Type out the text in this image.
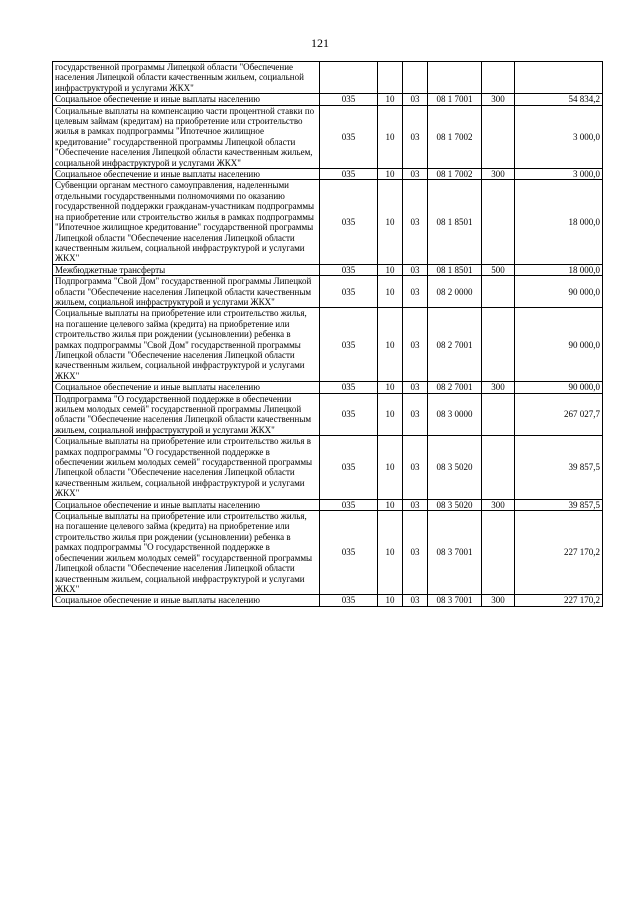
121
государственной программы Липецкой области "Обеспечение населения Липецкой области качественным жильем, социальной инфраструктурой и услугами ЖКХ"						
Социальное обеспечение и иные выплаты населению	035	10	03	08 1 7001	300	54 834,2
Социальные выплаты на компенсацию части процентной ставки по целевым займам (кредитам) на приобретение или строительство жилья в рамках подпрограммы "Ипотечное жилищное кредитование" государственной программы Липецкой области "Обеспечение населения Липецкой области качественным жильем, социальной инфраструктурой и услугами ЖКХ"	035	10	03	08 1 7002		3 000,0
Социальное обеспечение и иные выплаты населению	035	10	03	08 1 7002	300	3 000,0
Субвенции органам местного самоуправления, наделенными отдельными государственными полномочиями по оказанию государственной поддержки гражданам-участникам подпрограммы на приобретение или строительство жилья в рамках подпрограммы "Ипотечное жилищное кредитование" государственной программы Липецкой области "Обеспечение населения Липецкой области качественным жильем, социальной инфраструктурой и услугами ЖКХ"	035	10	03	08 1 8501		18 000,0
Межбюджетные трансферты	035	10	03	08 1 8501	500	18 000,0
Подпрограмма "Свой Дом" государственной программы Липецкой области "Обеспечение населения Липецкой области качественным жильем, социальной инфраструктурой и услугами ЖКХ"	035	10	03	08 2 0000		90 000,0
Социальные выплаты на приобретение или строительство жилья, на погашение целевого займа (кредита) на приобретение или строительство жилья при рождении (усыновлении) ребенка в рамках подпрограммы "Свой Дом" государственной программы Липецкой области "Обеспечение населения Липецкой области качественным жильем, социальной инфраструктурой и услугами ЖКХ"	035	10	03	08 2 7001		90 000,0
Социальное обеспечение и иные выплаты населению	035	10	03	08 2 7001	300	90 000,0
Подпрограмма "О государственной поддержке в обеспечении жильем молодых семей" государственной программы Липецкой области "Обеспечение населения Липецкой области качественным жильем, социальной инфраструктурой и услугами ЖКХ"	035	10	03	08 3 0000		267 027,7
Социальные выплаты на приобретение или строительство жилья в рамках подпрограммы "О государственной поддержке в обеспечении жильем молодых семей" государственной программы Липецкой области "Обеспечение населения Липецкой области качественным жильем, социальной инфраструктурой и услугами ЖКХ"	035	10	03	08 3 5020		39 857,5
Социальное обеспечение и иные выплаты населению	035	10	03	08 3 5020	300	39 857,5
Социальные выплаты на приобретение или строительство жилья, на погашение целевого займа (кредита) на приобретение или строительство жилья при рождении (усыновлении) ребенка в рамках подпрограммы "О государственной поддержке в обеспечении жильем молодых семей" государственной программы Липецкой области "Обеспечение населения Липецкой области качественным жильем, социальной инфраструктурой и услугами ЖКХ"	035	10	03	08 3 7001		227 170,2
Социальное обеспечение и иные выплаты населению	035	10	03	08 3 7001	300	227 170,2
